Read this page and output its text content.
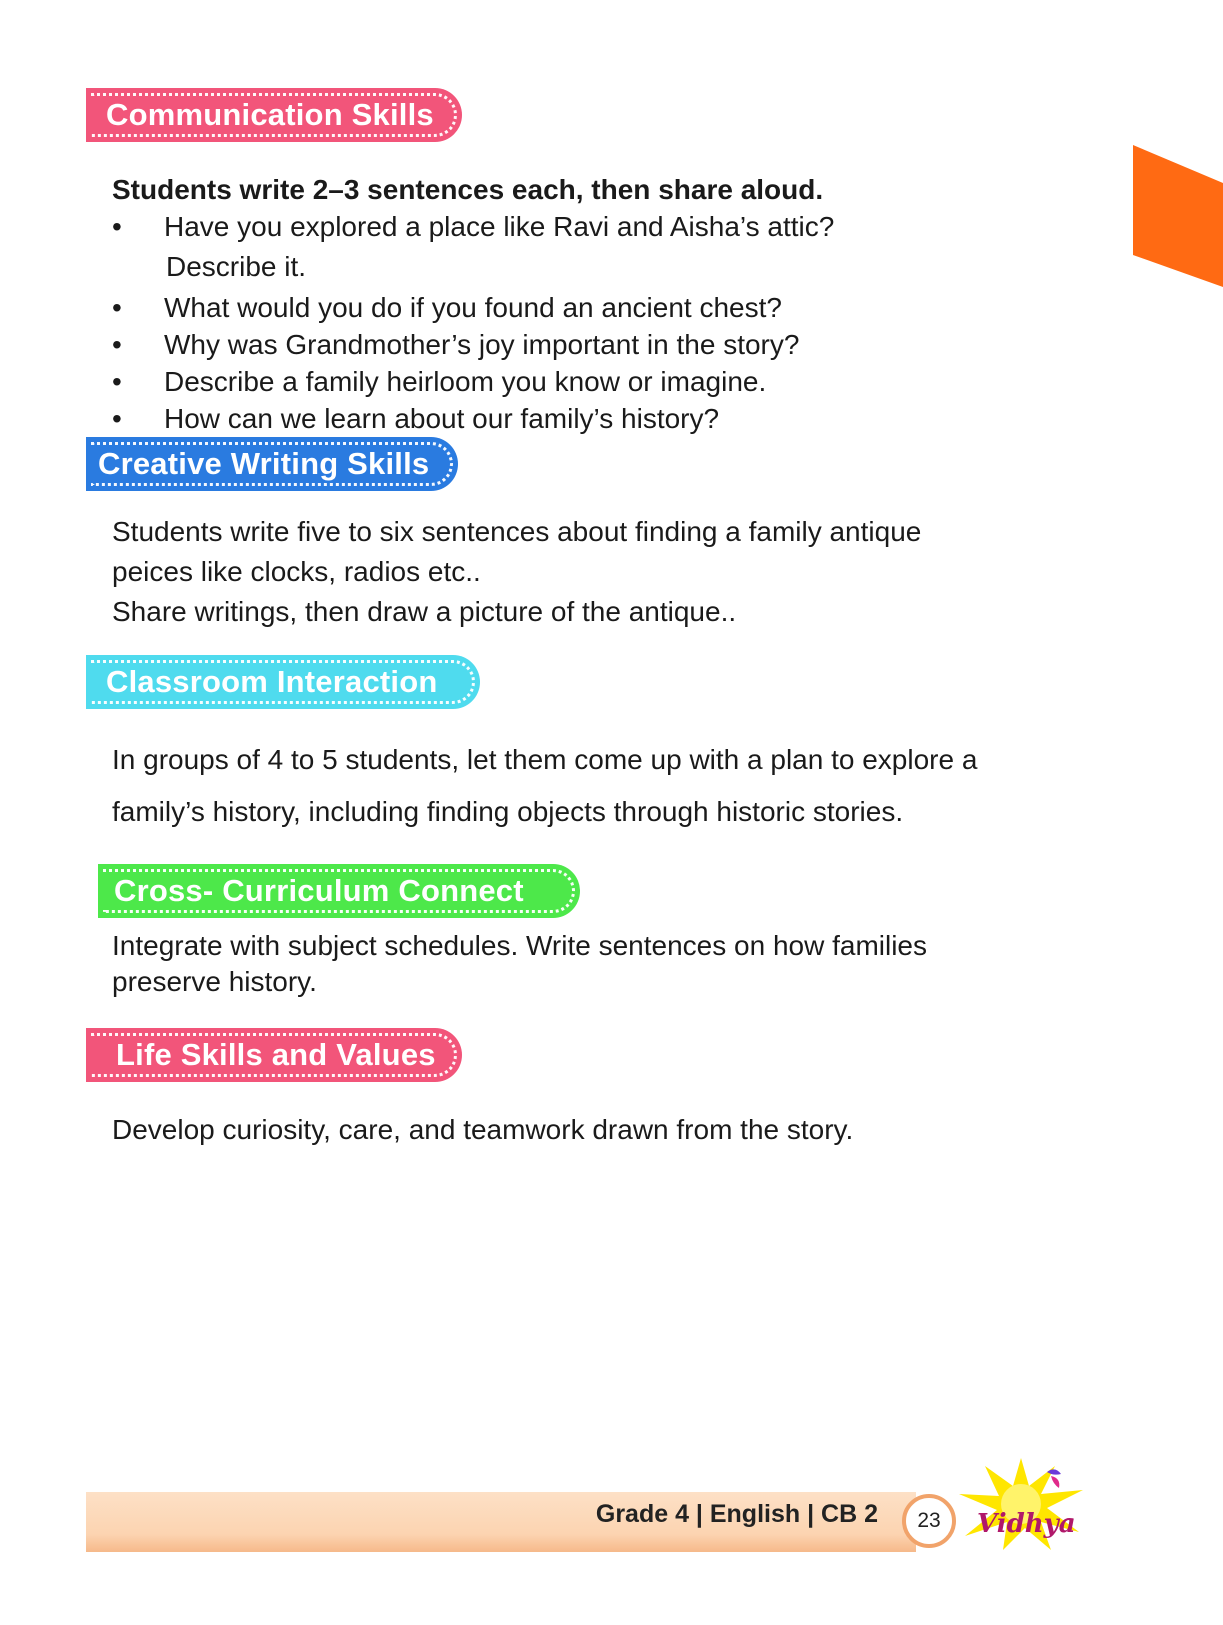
Communication Skills

Students write 2–3 sentences each, then share aloud.

• Have you explored a place like Ravi and Aisha’s attic?
Describe it.
• What would you do if you found an ancient chest?
• Why was Grandmother’s joy important in the story?
• Describe a family heirloom you know or imagine.
• How can we learn about our family’s history?
Creative Writing Skills

Students write five to six sentences about finding a family antique

peices like clocks, radios etc..

Share writings, then draw a picture of the antique..

Classroom Interaction

In groups of 4 to 5 students, let them come up with a plan to explore a

family’s history, including finding objects through historic stories.

Cross- Curriculum Connect

Integrate with subject schedules. Write sentences on how families

preserve history.

Life Skills and Values

Develop curiosity, care, and teamwork drawn from the story.

Grade 4 | English | CB 2 23 Vidhya
